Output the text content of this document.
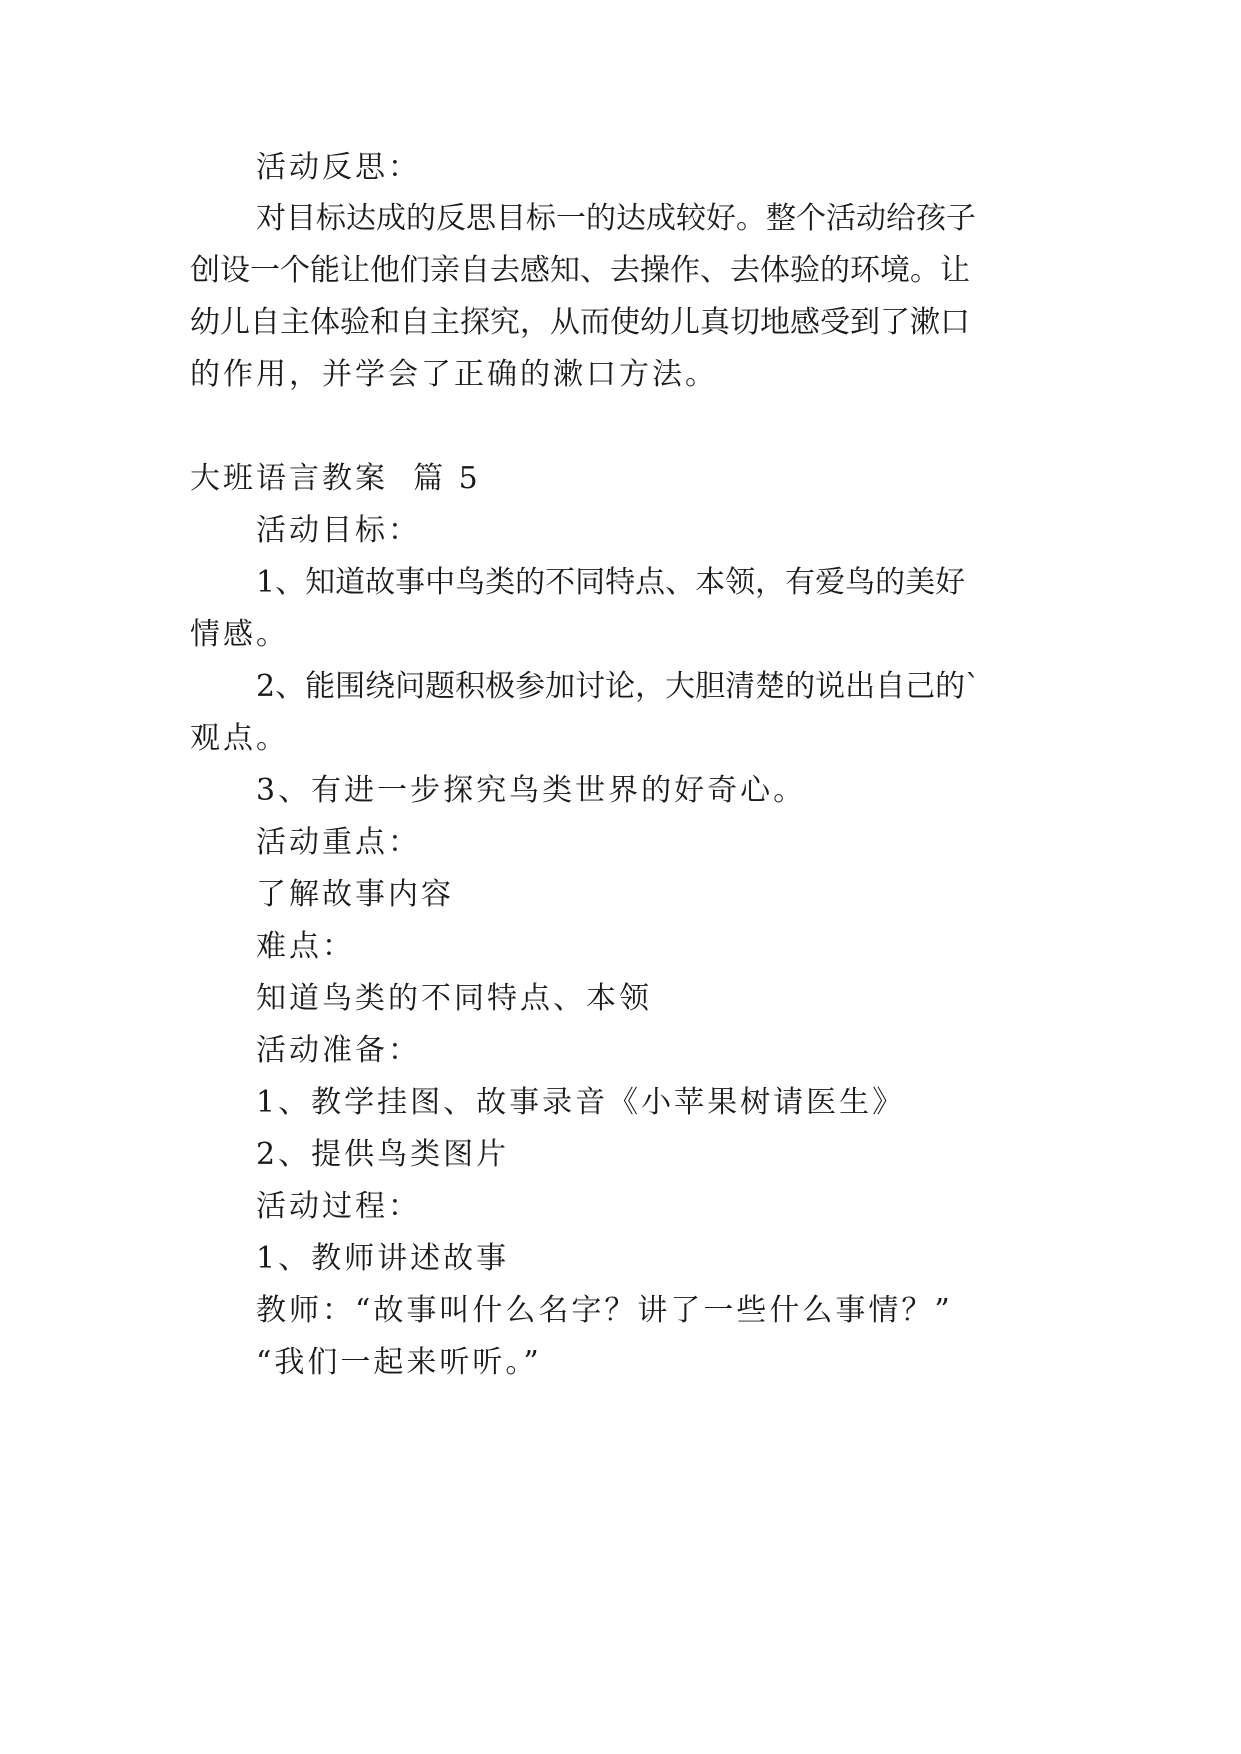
活动反思：
对目标达成的反思目标一的达成较好。整个活动给孩子
创设一个能让他们亲自去感知、去操作、去体验的环境。让
幼儿自主体验和自主探究，从而使幼儿真切地感受到了漱口
的作用，并学会了正确的漱口方法。
大班语言教案  篇 5
活动目标：
1、知道故事中鸟类的不同特点、本领，有爱鸟的美好
情感。
2、能围绕问题积极参加讨论，大胆清楚的说出自己的`
观点。
3、有进一步探究鸟类世界的好奇心。
活动重点：
了解故事内容
难点：
知道鸟类的不同特点、本领
活动准备：
1、教学挂图、故事录音《小苹果树请医生》
2、提供鸟类图片
活动过程：
1、教师讲述故事
教师：“故事叫什么名字？讲了一些什么事情？”
“我们一起来听听。”
